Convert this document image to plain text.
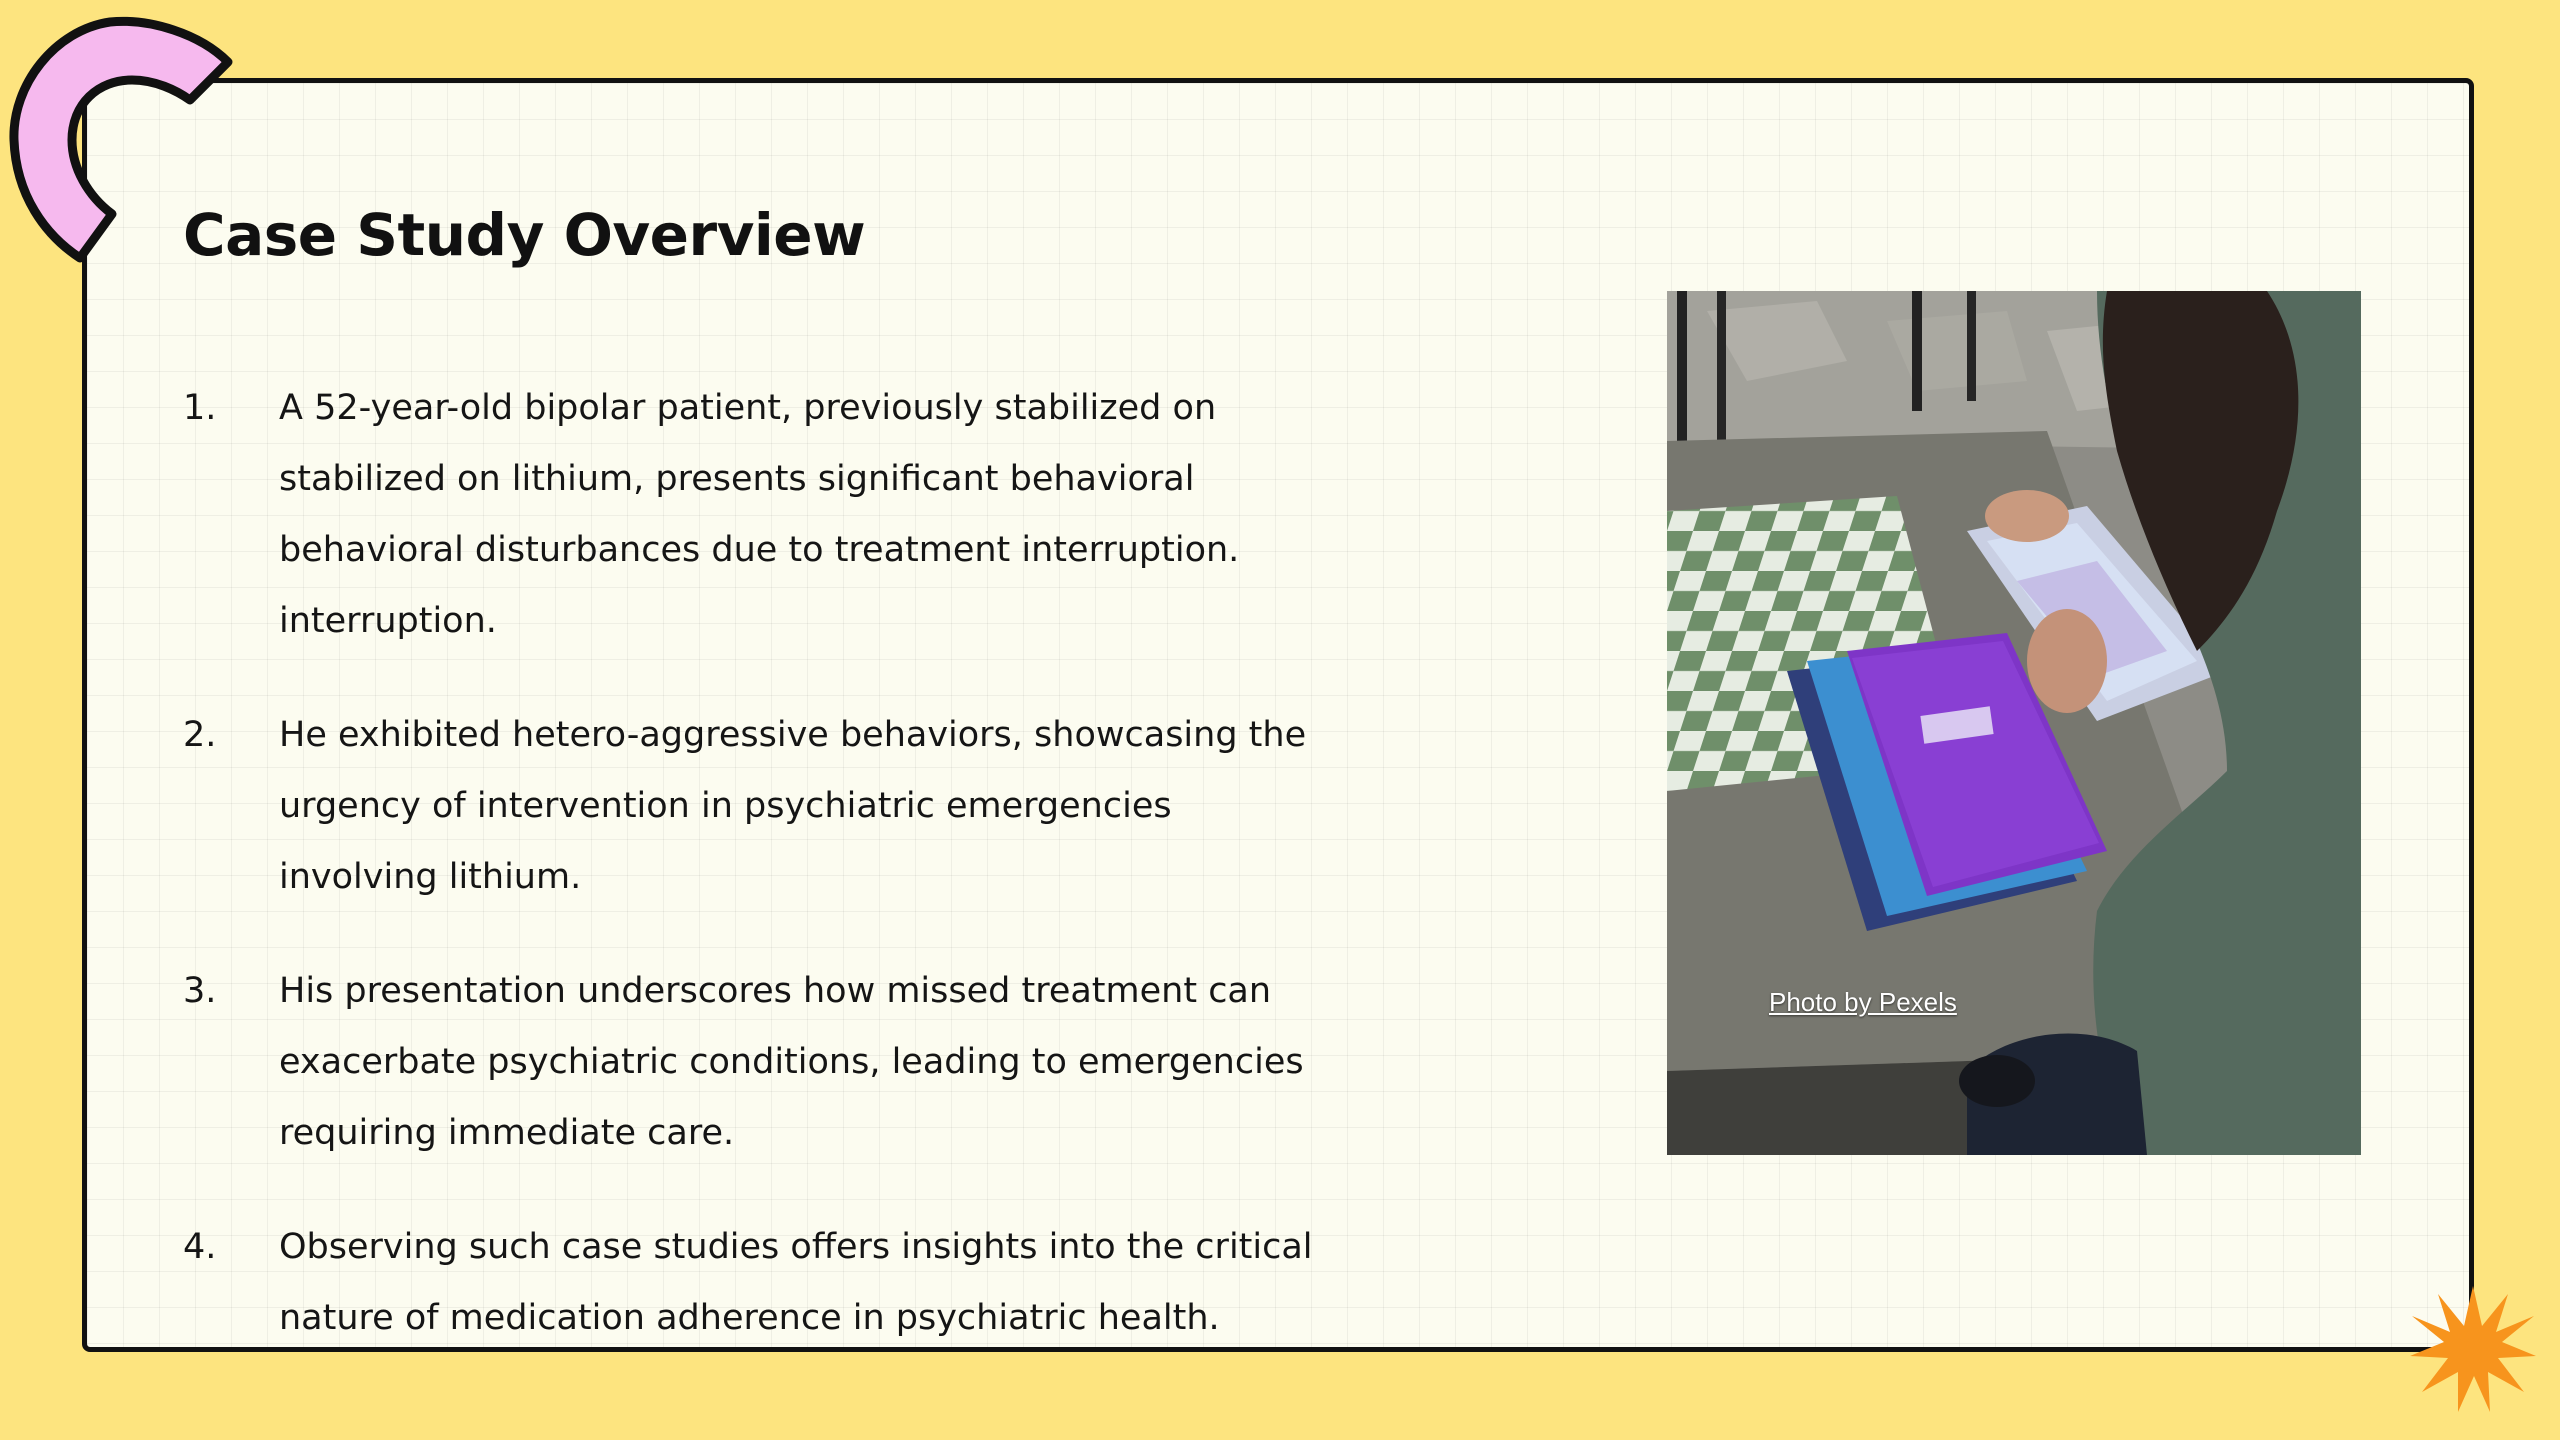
Case Study Overview
1.	A 52-year-old bipolar patient, previously stabilized on
stabilized on lithium, presents significant behavioral
behavioral disturbances due to treatment interruption.
interruption.
2.	He exhibited hetero-aggressive behaviors, showcasing the
urgency of intervention in psychiatric emergencies
involving lithium.
3.	His presentation underscores how missed treatment can
exacerbate psychiatric conditions, leading to emergencies
requiring immediate care.
4.	Observing such case studies offers insights into the critical
nature of medication adherence in psychiatric health.
Photo by Pexels
